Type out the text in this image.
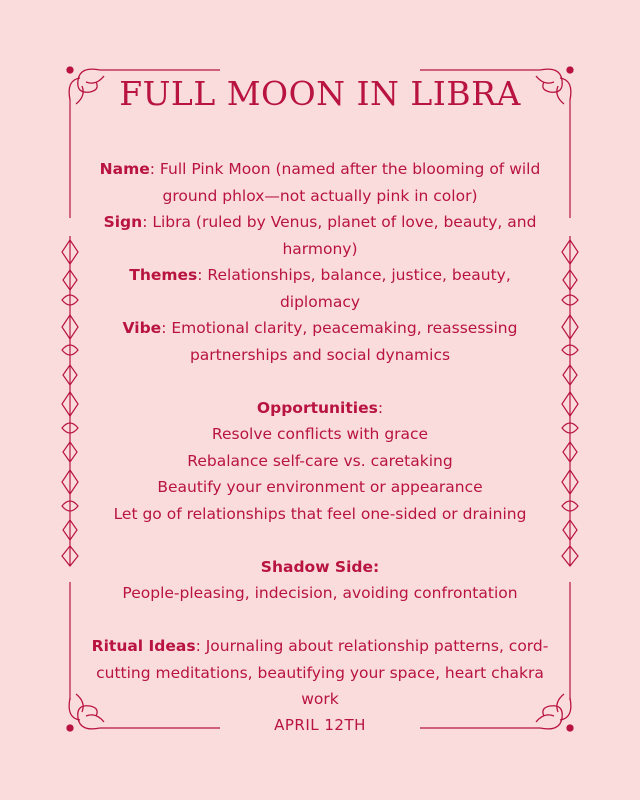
FULL MOON IN LIBRA

Name: Full Pink Moon (named after the blooming of wild ground phlox—not actually pink in color)

Sign: Libra (ruled by Venus, planet of love, beauty, and harmony)

Themes: Relationships, balance, justice, beauty, diplomacy

Vibe: Emotional clarity, peacemaking, reassessing partnerships and social dynamics

Opportunities:

Resolve conflicts with grace

Rebalance self-care vs. caretaking

Beautify your environment or appearance

Let go of relationships that feel one-sided or draining

Shadow Side:

People-pleasing, indecision, avoiding confrontation

Ritual Ideas: Journaling about relationship patterns, cord-cutting meditations, beautifying your space, heart chakra work

APRIL 12TH
